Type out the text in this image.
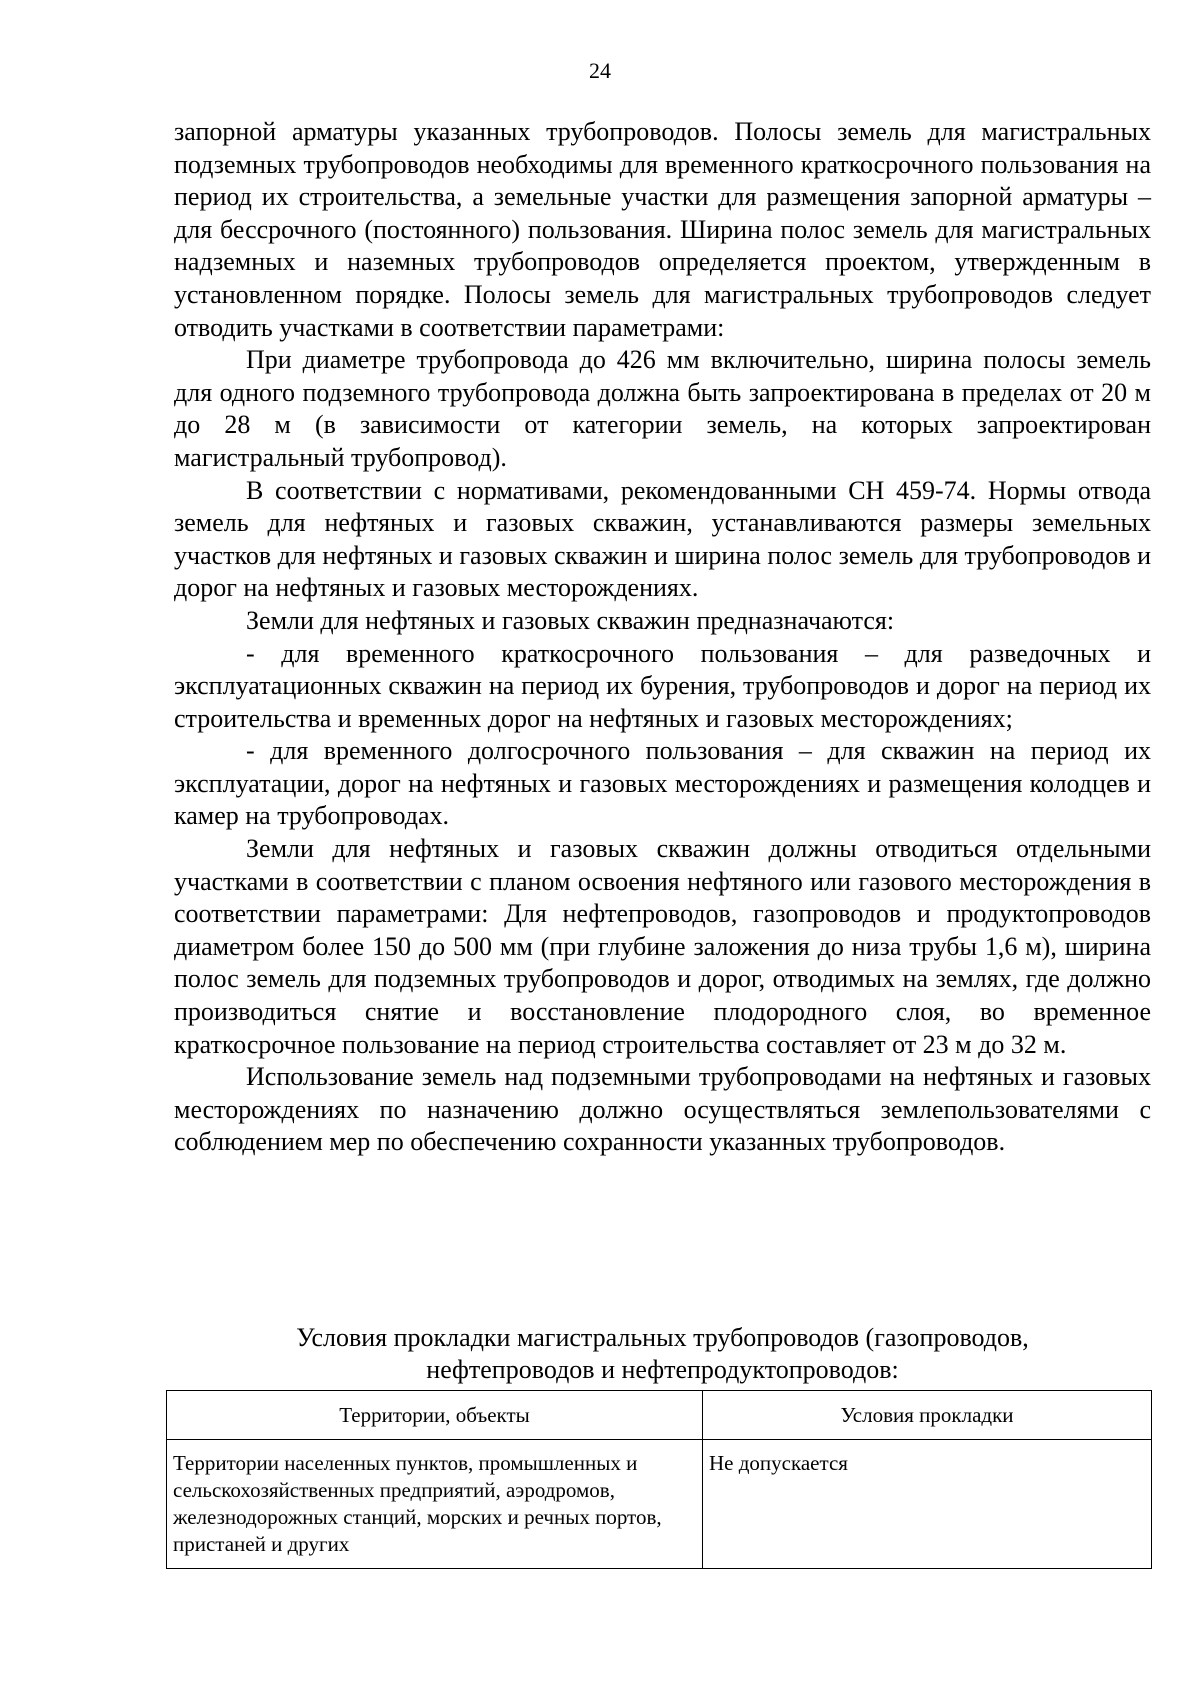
24

запорной арматуры указанных трубопроводов. Полосы земель для магистральных подземных трубопроводов необходимы для временного краткосрочного пользования на период их строительства, а земельные участки для размещения запорной арматуры – для бессрочного (постоянного) пользования. Ширина полос земель для магистральных надземных и наземных трубопроводов определяется проектом, утвержденным в установленном порядке. Полосы земель для магистральных трубопроводов следует отводить участками в соответствии параметрами:

При диаметре трубопровода до 426 мм включительно, ширина полосы земель для одного подземного трубопровода должна быть запроектирована в пределах от 20 м до 28 м (в зависимости от категории земель, на которых запроектирован магистральный трубопровод).

В соответствии с нормативами, рекомендованными СН 459-74. Нормы отвода земель для нефтяных и газовых скважин, устанавливаются размеры земельных участков для нефтяных и газовых скважин и ширина полос земель для трубопроводов и дорог на нефтяных и газовых месторождениях.

Земли для нефтяных и газовых скважин предназначаются:

- для временного краткосрочного пользования – для разведочных и эксплуатационных скважин на период их бурения, трубопроводов и дорог на период их строительства и временных дорог на нефтяных и газовых месторождениях;

- для временного долгосрочного пользования – для скважин на период их эксплуатации, дорог на нефтяных и газовых месторождениях и размещения колодцев и камер на трубопроводах.

Земли для нефтяных и газовых скважин должны отводиться отдельными участками в соответствии с планом освоения нефтяного или газового месторождения в соответствии параметрами: Для нефтепроводов, газопроводов и продуктопроводов диаметром более 150 до 500 мм (при глубине заложения до низа трубы 1,6 м), ширина полос земель для подземных трубопроводов и дорог, отводимых на землях, где должно производиться снятие и восстановление плодородного слоя, во временное краткосрочное пользование на период строительства составляет от 23 м до 32 м.

Использование земель над подземными трубопроводами на нефтяных и газовых месторождениях по назначению должно осуществляться землепользователями с соблюдением мер по обеспечению сохранности указанных трубопроводов.

Условия прокладки магистральных трубопроводов (газопроводов,
нефтепроводов и нефтепродуктопроводов:
Территории, объекты	Условия прокладки
Территории населенных пунктов, промышленных и сельскохозяйственных предприятий, аэродромов, железнодорожных станций, морских и речных портов, пристаней и других	Не допускается
